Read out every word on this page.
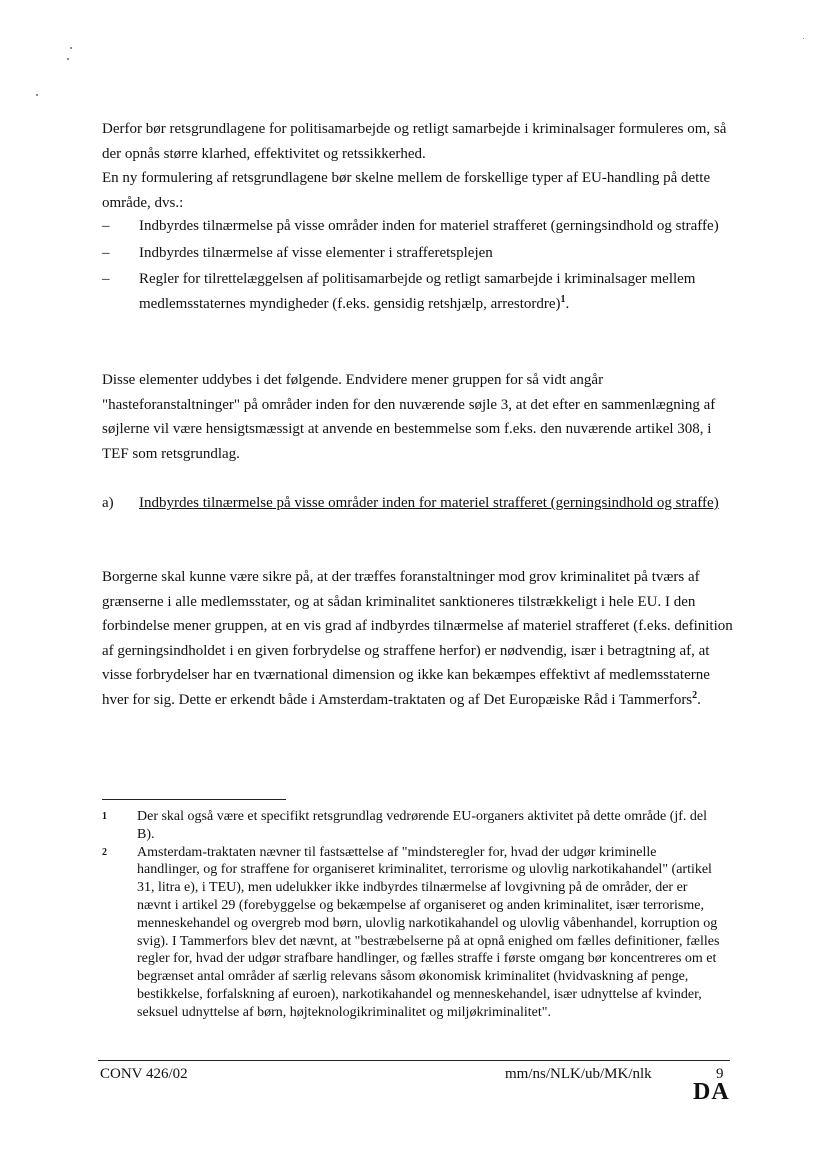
Derfor bør retsgrundlagene for politisamarbejde og retligt samarbejde i kriminalsager formuleres om, så der opnås større klarhed, effektivitet og retssikkerhed.
En ny formulering af retsgrundlagene bør skelne mellem de forskellige typer af EU-handling på dette område, dvs.:
– Indbyrdes tilnærmelse på visse områder inden for materiel strafferet (gerningsindhold og straffe)
– Indbyrdes tilnærmelse af visse elementer i strafferetsplejen
– Regler for tilrettelæggelsen af politisamarbejde og retligt samarbejde i kriminalsager mellem medlemsstaternes myndigheder (f.eks. gensidig retshjælp, arrestordre)$^1$.
Disse elementer uddybes i det følgende. Endvidere mener gruppen for så vidt angår "hasteforanstaltninger" på områder inden for den nuværende søjle 3, at det efter en sammenlægning af søjlerne vil være hensigtsmæssigt at anvende en bestemmelse som f.eks. den nuværende artikel 308, i TEF som retsgrundlag.
a)	Indbyrdes tilnærmelse på visse områder inden for materiel strafferet (gerningsindhold og straffe)
Borgerne skal kunne være sikre på, at der træffes foranstaltninger mod grov kriminalitet på tværs af grænserne i alle medlemsstater, og at sådan kriminalitet sanktioneres tilstrækkeligt i hele EU. I den forbindelse mener gruppen, at en vis grad af indbyrdes tilnærmelse af materiel strafferet (f.eks. definition af gerningsindholdet i en given forbrydelse og straffene herfor) er nødvendig, især i betragtning af, at visse forbrydelser har en tværnational dimension og ikke kan bekæmpes effektivt af medlemsstaterne hver for sig. Dette er erkendt både i Amsterdam-traktaten og af Det Europæiske Råd i Tammerfors$^2$.
1 Der skal også være et specifikt retsgrundlag vedrørende EU-organers aktivitet på dette område (jf. del B).
2 Amsterdam-traktaten nævner til fastsættelse af "mindsteregler for, hvad der udgør kriminelle handlinger, og for straffene for organiseret kriminalitet, terrorisme og ulovlig narkotikahandel" (artikel 31, litra e), i TEU), men udelukker ikke indbyrdes tilnærmelse af lovgivning på de områder, der er nævnt i artikel 29 (forebyggelse og bekæmpelse af organiseret og anden kriminalitet, især terrorisme, menneskehandel og overgreb mod børn, ulovlig narkotikahandel og ulovlig våbenhandel, korruption og svig). I Tammerfors blev det nævnt, at "bestræbelserne på at opnå enighed om fælles definitioner, fælles regler for, hvad der udgør strafbare handlinger, og fælles straffe i første omgang bør koncentreres om et begrænset antal områder af særlig relevans såsom økonomisk kriminalitet (hvidvaskning af penge, bestikkelse, forfalskning af euroen), narkotikahandel og menneskehandel, især udnyttelse af kvinder, seksuel udnyttelse af børn, højteknologikriminalitet og miljøkriminalitet".
CONV 426/02	mm/ns/NLK/ub/MK/nlk	9
DA
